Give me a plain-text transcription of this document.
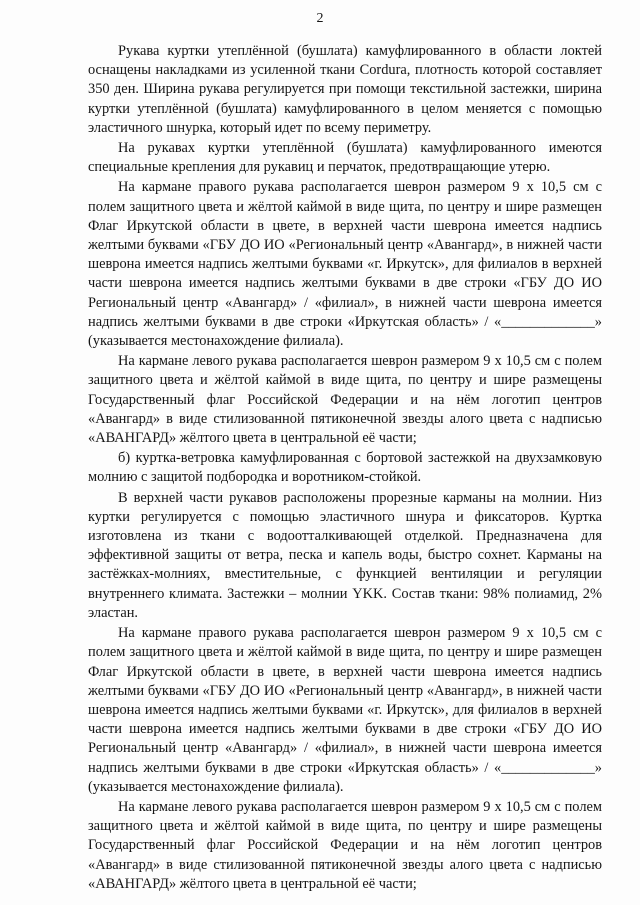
2

Рукава куртки утеплённой (бушлата) камуфлированного в области локтей оснащены накладками из усиленной ткани Cordura, плотность которой составляет 350 ден. Ширина рукава регулируется при помощи текстильной застежки, ширина куртки утеплённой (бушлата) камуфлированного в целом меняется с помощью эластичного шнурка, который идет по всему периметру.

На рукавах куртки утеплённой (бушлата) камуфлированного имеются специальные крепления для рукавиц и перчаток, предотвращающие утерю.

На кармане правого рукава располагается шеврон размером 9 х 10,5 см с полем защитного цвета и жёлтой каймой в виде щита, по центру и шире размещен Флаг Иркутской области в цвете, в верхней части шеврона имеется надпись желтыми буквами «ГБУ ДО ИО «Региональный центр «Авангард», в нижней части шеврона имеется надпись желтыми буквами «г. Иркутск», для филиалов в верхней части шеврона имеется надпись желтыми буквами в две строки «ГБУ ДО ИО Региональный центр «Авангард» / «филиал», в нижней части шеврона имеется надпись желтыми буквами в две строки «Иркутская область» / «_____________» (указывается местонахождение филиала).

На кармане левого рукава располагается шеврон размером 9 х 10,5 см с полем защитного цвета и жёлтой каймой в виде щита, по центру и шире размещены Государственный флаг Российской Федерации и на нём логотип центров «Авангард» в виде стилизованной пятиконечной звезды алого цвета с надписью «АВАНГАРД» жёлтого цвета в центральной её части;

б) куртка-ветровка камуфлированная с бортовой застежкой на двухзамковую молнию с защитой подбородка и воротником-стойкой.

В верхней части рукавов расположены прорезные карманы на молнии. Низ куртки регулируется с помощью эластичного шнура и фиксаторов. Куртка изготовлена из ткани с водоотталкивающей отделкой. Предназначена для эффективной защиты от ветра, песка и капель воды, быстро сохнет. Карманы на застёжках-молниях, вместительные, с функцией вентиляции и регуляции внутреннего климата. Застежки – молнии YKK. Состав ткани: 98% полиамид, 2% эластан.

На кармане правого рукава располагается шеврон размером 9 х 10,5 см с полем защитного цвета и жёлтой каймой в виде щита, по центру и шире размещен Флаг Иркутской области в цвете, в верхней части шеврона имеется надпись желтыми буквами «ГБУ ДО ИО «Региональный центр «Авангард», в нижней части шеврона имеется надпись желтыми буквами «г. Иркутск», для филиалов в верхней части шеврона имеется надпись желтыми буквами в две строки «ГБУ ДО ИО Региональный центр «Авангард» / «филиал», в нижней части шеврона имеется надпись желтыми буквами в две строки «Иркутская область» / «_____________» (указывается местонахождение филиала).

На кармане левого рукава располагается шеврон размером 9 х 10,5 см с полем защитного цвета и жёлтой каймой в виде щита, по центру и шире размещены Государственный флаг Российской Федерации и на нём логотип центров «Авангард» в виде стилизованной пятиконечной звезды алого цвета с надписью «АВАНГАРД» жёлтого цвета в центральной её части;
